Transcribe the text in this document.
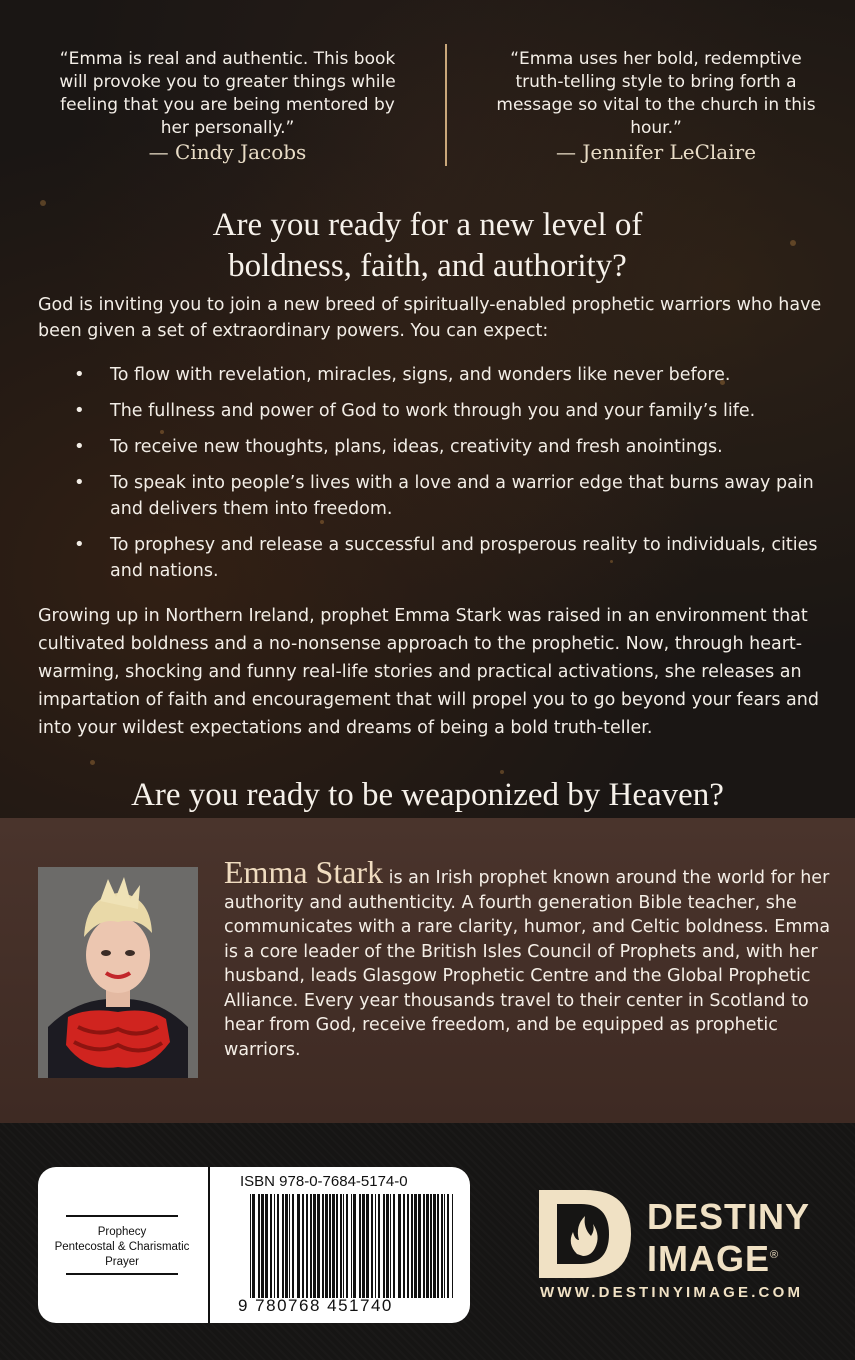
“Emma is real and authentic. This book will provoke you to greater things while feeling that you are being mentored by her personally.”
— Cindy Jacobs
“Emma uses her bold, redemptive truth-telling style to bring forth a message so vital to the church in this hour.”
— Jennifer LeClaire
Are you ready for a new level of
boldness, faith, and authority?
God is inviting you to join a new breed of spiritually-enabled prophetic warriors who have been given a set of extraordinary powers. You can expect:
• To flow with revelation, miracles, signs, and wonders like never before.
• The fullness and power of God to work through you and your family’s life.
• To receive new thoughts, plans, ideas, creativity and fresh anointings.
• To speak into people’s lives with a love and a warrior edge that burns away pain and delivers them into freedom.
• To prophesy and release a successful and prosperous reality to individuals, cities and nations.
Growing up in Northern Ireland, prophet Emma Stark was raised in an environment that cultivated boldness and a no-nonsense approach to the prophetic. Now, through heart-warming, shocking and funny real-life stories and practical activations, she releases an impartation of faith and encouragement that will propel you to go beyond your fears and into your wildest expectations and dreams of being a bold truth-teller.
Are you ready to be weaponized by Heaven?
Emma Stark is an Irish prophet known around the world for her authority and authenticity. A fourth generation Bible teacher, she communicates with a rare clarity, humor, and Celtic boldness. Emma is a core leader of the British Isles Council of Prophets and, with her husband, leads Glasgow Prophetic Centre and the Global Prophetic Alliance. Every year thousands travel to their center in Scotland to hear from God, receive freedom, and be equipped as prophetic warriors.
Prophecy
Pentecostal & Charismatic
Prayer
ISBN 978-0-7684-5174-0
9 780768 451740
DESTINY
IMAGE®
WWW.DESTINYIMAGE.COM
